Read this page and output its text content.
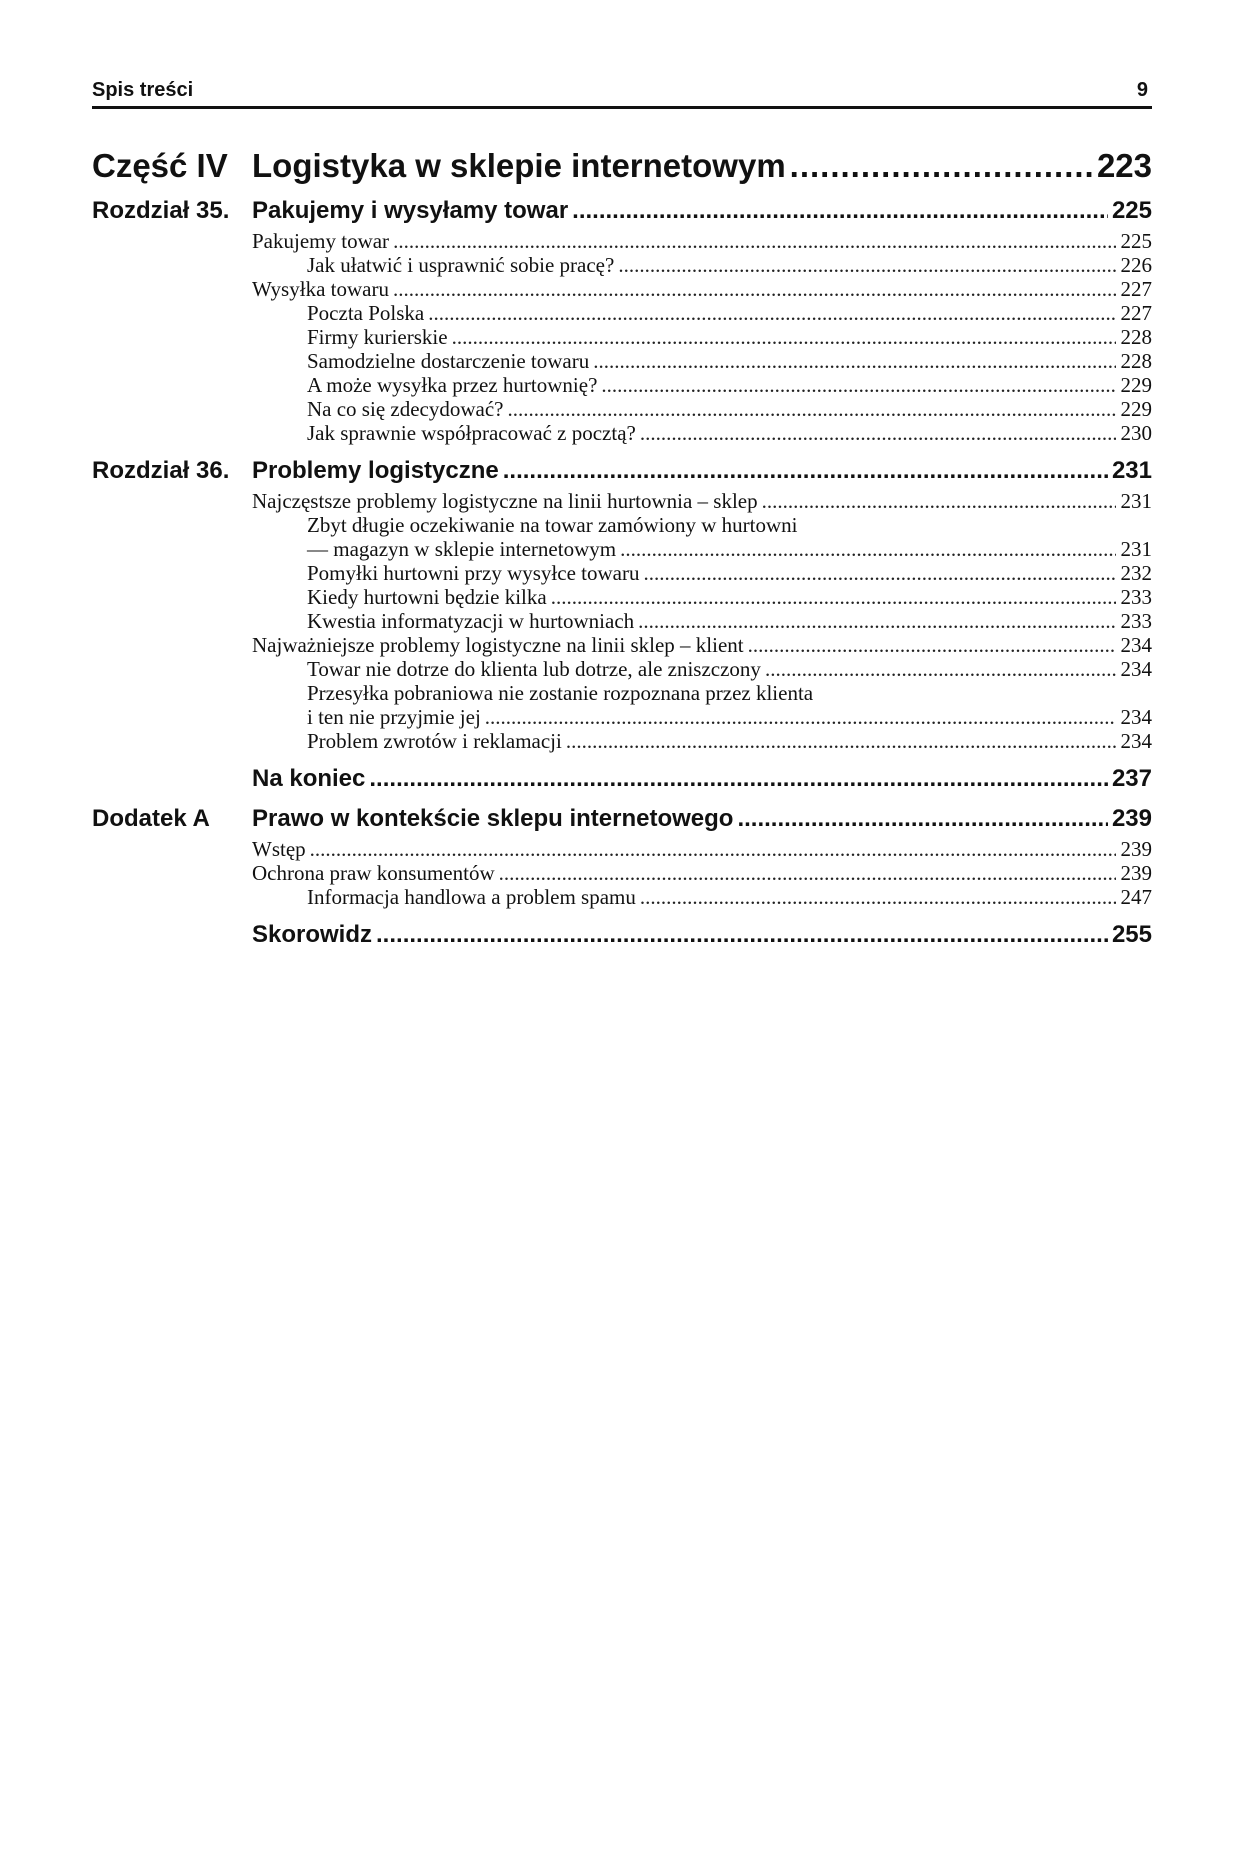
Spis treści	9
Część IV Logistyka w sklepie internetowym .....	223
Rozdział 35. Pakujemy i wysyłamy towar .....	225
Pakujemy towar .....	225
Jak ułatwić i usprawnić sobie pracę? .....	226
Wysyłka towaru .....	227
Poczta Polska .....	227
Firmy kurierskie .....	228
Samodzielne dostarczenie towaru .....	228
A może wysyłka przez hurtownię? .....	229
Na co się zdecydować? .....	229
Jak sprawnie współpracować z pocztą? .....	230
Rozdział 36. Problemy logistyczne .....	231
Najczęstsze problemy logistyczne na linii hurtownia – sklep .....	231
Zbyt długie oczekiwanie na towar zamówiony w hurtowni
— magazyn w sklepie internetowym .....	231
Pomyłki hurtowni przy wysyłce towaru .....	232
Kiedy hurtowni będzie kilka .....	233
Kwestia informatyzacji w hurtowniach .....	233
Najważniejsze problemy logistyczne na linii sklep – klient .....	234
Towar nie dotrze do klienta lub dotrze, ale zniszczony .....	234
Przesyłka pobraniowa nie zostanie rozpoznana przez klienta
i ten nie przyjmie jej .....	234
Problem zwrotów i reklamacji .....	234
Na koniec .....	237
Dodatek A	Prawo w kontekście sklepu internetowego .....	239
Wstęp .....	239
Ochrona praw konsumentów .....	239
Informacja handlowa a problem spamu .....	247
Skorowidz .....	255
